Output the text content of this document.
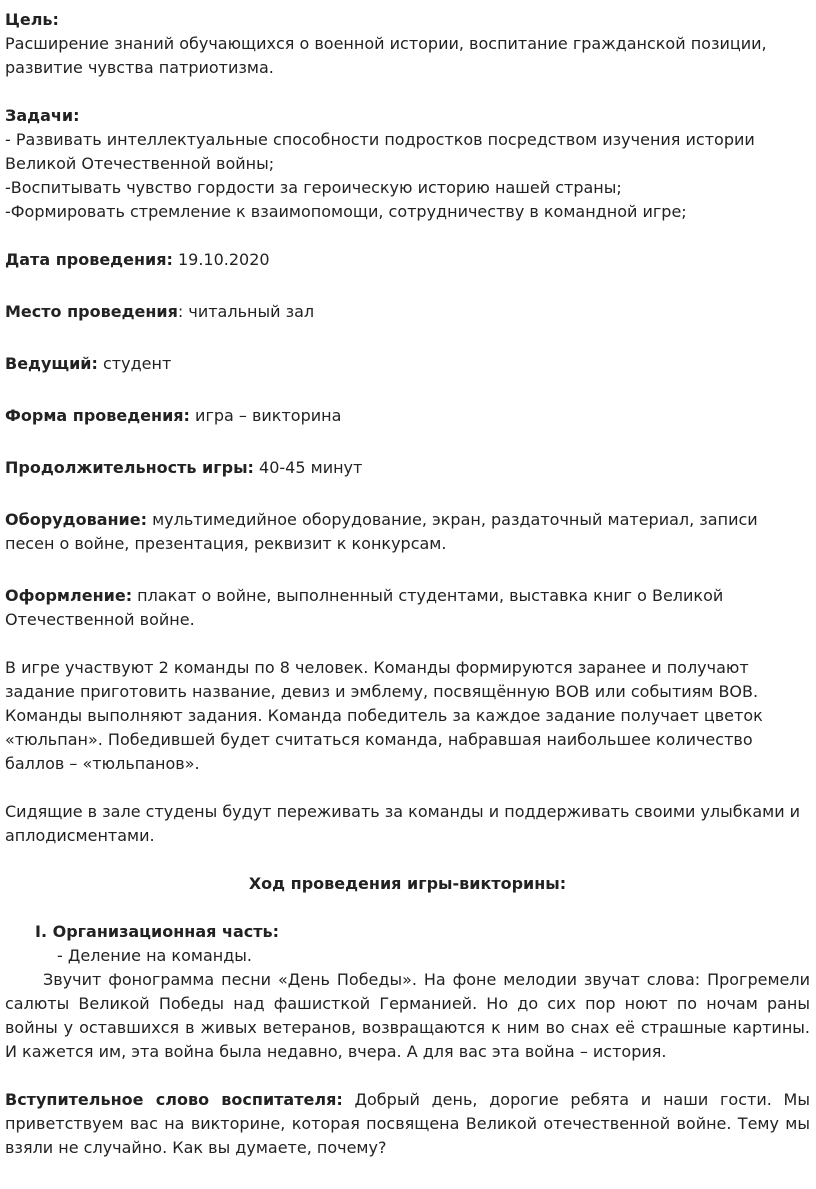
Цель:
Расширение знаний обучающихся о военной истории, воспитание гражданской позиции, развитие чувства патриотизма.

Задачи:

- Развивать интеллектуальные способности подростков посредством изучения истории Великой Отечественной войны;

-Воспитывать чувство гордости за героическую историю нашей страны;

-Формировать стремление к взаимопомощи, сотрудничеству в командной игре;

Дата проведения: 19.10.2020

Место проведения: читальный зал

Ведущий: студент

Форма проведения: игра – викторина

Продолжительность игры: 40-45 минут

Оборудование: мультимедийное оборудование, экран, раздаточный материал, записи песен о войне, презентация, реквизит к конкурсам.

Оформление: плакат о войне, выполненный студентами, выставка книг о Великой Отечественной войне.

В игре участвуют 2 команды по 8 человек. Команды формируются заранее и получают задание приготовить название, девиз и эмблему, посвящённую ВОВ или событиям ВОВ. Команды выполняют задания. Команда победитель за каждое задание получает цветок «тюльпан». Победившей будет считаться команда, набравшая наибольшее количество баллов – «тюльпанов».

Сидящие в зале студены будут переживать за команды и поддерживать своими улыбками и аплодисментами.

Ход проведения игры-викторины:

I. Организационная часть:

- Деление на команды.

Звучит фонограмма песни «День Победы». На фоне мелодии звучат слова: Прогремели салюты Великой Победы над фашисткой Германией. Но до сих пор ноют по ночам раны войны у оставшихся в живых ветеранов, возвращаются к ним во снах её страшные картины. И кажется им, эта война была недавно, вчера. А для вас эта война – история.

Вступительное слово воспитателя: Добрый день, дорогие ребята и наши гости. Мы приветствуем вас на викторине, которая посвящена Великой отечественной войне. Тему мы взяли не случайно. Как вы думаете, почему?
